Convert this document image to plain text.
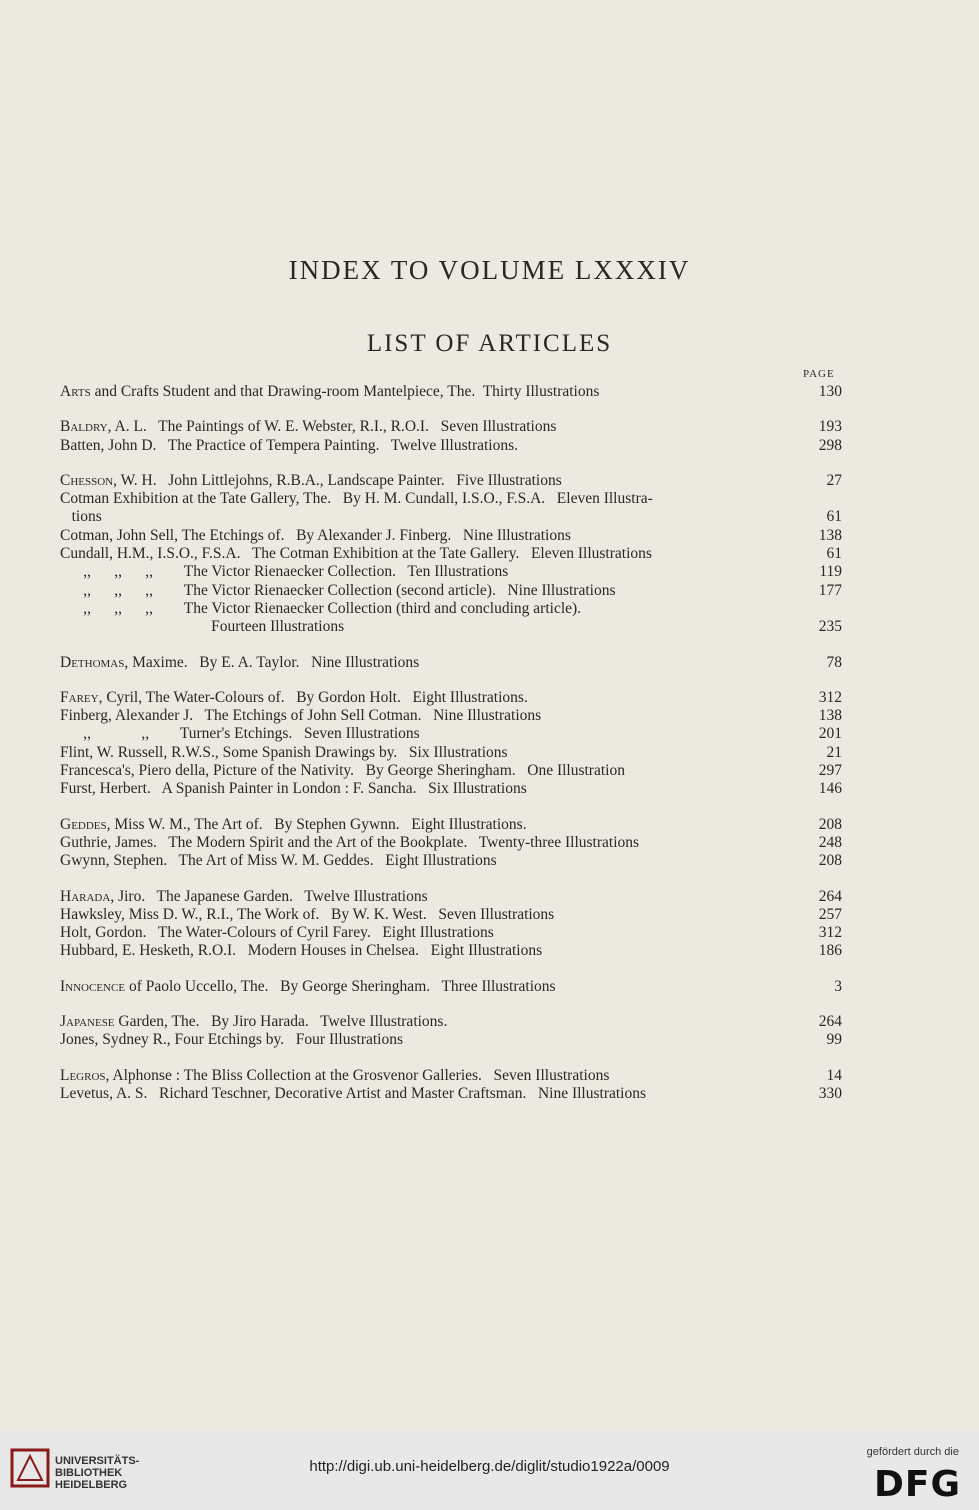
INDEX TO VOLUME LXXXIV
LIST OF ARTICLES
PAGE
Arts and Crafts Student and that Drawing-room Mantelpiece, The.  Thirty Illustrations	130
Baldry, A. L.   The Paintings of W. E. Webster, R.I., R.O.I.   Seven Illustrations	193
Batten, John D.   The Practice of Tempera Painting.   Twelve Illustrations.	298
Chesson, W. H.   John Littlejohns, R.B.A., Landscape Painter.   Five Illustrations	27
Cotman Exhibition at the Tate Gallery, The.   By H. M. Cundall, I.S.O., F.S.A.   Eleven Illustra-
tions	61
Cotman, John Sell, The Etchings of.   By Alexander J. Finberg.   Nine Illustrations	138
Cundall, H.M., I.S.O., F.S.A.   The Cotman Exhibition at the Tate Gallery.   Eleven Illustrations	61
,,      ,,      ,,        The Victor Rienaecker Collection.   Ten Illustrations	119
,,      ,,      ,,        The Victor Rienaecker Collection (second article).   Nine Illustrations	177
,,      ,,      ,,        The Victor Rienaecker Collection (third and concluding article).
Fourteen Illustrations	235
Dethomas, Maxime.   By E. A. Taylor.   Nine Illustrations	78
Farey, Cyril, The Water-Colours of.   By Gordon Holt.   Eight Illustrations.	312
Finberg, Alexander J.   The Etchings of John Sell Cotman.   Nine Illustrations	138
,,             ,,        Turner's Etchings.   Seven Illustrations	201
Flint, W. Russell, R.W.S., Some Spanish Drawings by.   Six Illustrations	21
Francesca's, Piero della, Picture of the Nativity.   By George Sheringham.   One Illustration	297
Furst, Herbert.   A Spanish Painter in London : F. Sancha.   Six Illustrations	146
Geddes, Miss W. M., The Art of.   By Stephen Gywnn.   Eight Illustrations.	208
Guthrie, James.   The Modern Spirit and the Art of the Bookplate.   Twenty-three Illustrations	248
Gwynn, Stephen.   The Art of Miss W. M. Geddes.   Eight Illustrations	208
Harada, Jiro.   The Japanese Garden.   Twelve Illustrations	264
Hawksley, Miss D. W., R.I., The Work of.   By W. K. West.   Seven Illustrations	257
Holt, Gordon.   The Water-Colours of Cyril Farey.   Eight Illustrations	312
Hubbard, E. Hesketh, R.O.I.   Modern Houses in Chelsea.   Eight Illustrations	186
Innocence of Paolo Uccello, The.   By George Sheringham.   Three Illustrations	3
Japanese Garden, The.   By Jiro Harada.   Twelve Illustrations.	264
Jones, Sydney R., Four Etchings by.   Four Illustrations	99
Legros, Alphonse : The Bliss Collection at the Grosvenor Galleries.   Seven Illustrations	14
Levetus, A. S.   Richard Teschner, Decorative Artist and Master Craftsman.   Nine Illustrations	330
UNIVERSITÄTS-
BIBLIOTHEK
HEIDELBERG
http://digi.ub.uni-heidelberg.de/diglit/studio1922a/0009
gefördert durch die
DFG
